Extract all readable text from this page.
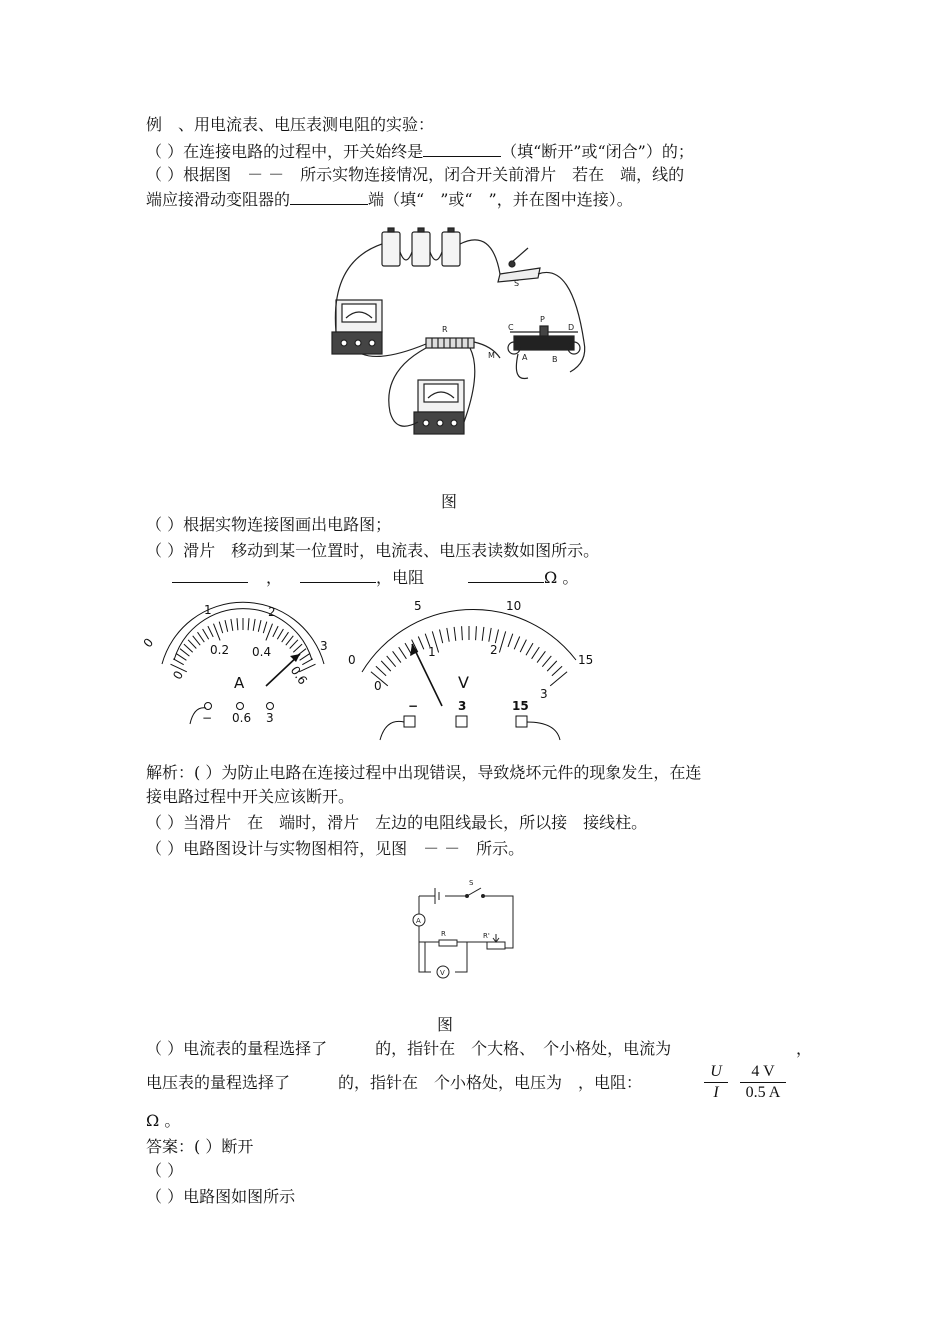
例　、用电流表、电压表测电阻的实验：
（ ）在连接电路的过程中，开关始终是	（填“断开”或“闭合”）的；
（ ）根据图　－ －　所示实物连接情况，闭合开关前滑片　若在　端，线的
端应接滑动变阻器的	端（填“　”或“　”，并在图中连接）。
S
R	C
P
D
A	B
M
图
（ ）根据实物连接图画出电路图；
（ ）滑片　移动到某一位置时，电流表、电压表读数如图所示。
，	，电阻	Ω 。
0
1	2
3
0
0.2 0.4
0.6
A
− 0.6 3
0
5	10
15
0
1	2
3
V
−	3	15
解析：( ）为防止电路在连接过程中出现错误，导致烧坏元件的现象发生，在连
接电路过程中开关应该断开。
（ ）当滑片　在　端时，滑片　左边的电阻线最长，所以接　接线柱。
（ ）电路图设计与实物图相符，见图　－ －　所示。
S
R	R'
A
V
图
（ ）电流表的量程选择了　　　的，指针在　个大格、　个小格处，电流为	，
电压表的量程选择了　　　的，指针在　个小格处，电压为　，电阻：	$\frac{U}{I} \frac{4 V}{0.5 A}$
Ω 。
答案：( ）断开
（ ）
（ ）电路图如图所示
